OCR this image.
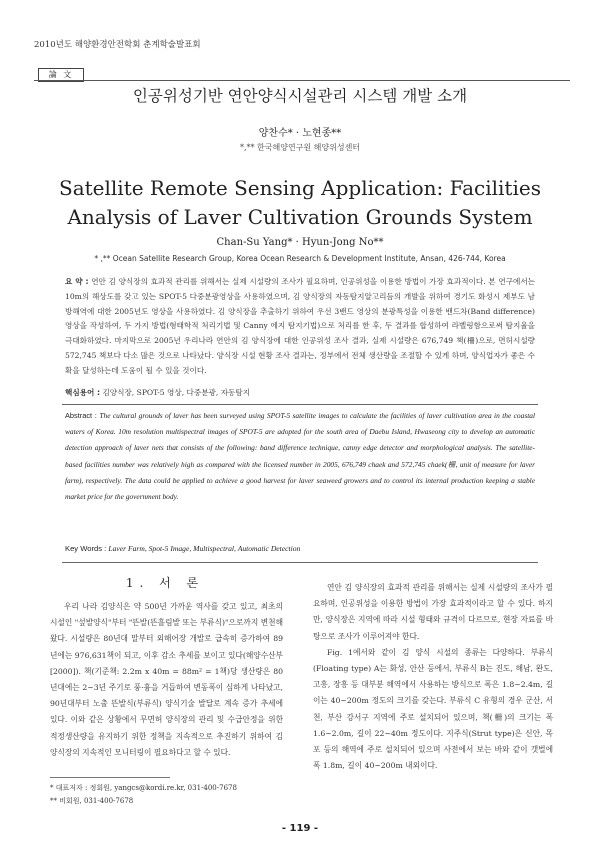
2010년도 해양환경안전학회 춘계학술발표회
論 文
인공위성기반 연안양식시설관리 시스템 개발 소개
양찬수* · 노현종**
*,** 한국해양연구원 해양위성센터
Satellite Remote Sensing Application: Facilities Analysis of Laver Cultivation Grounds System
Chan-Su Yang* · Hyun-Jong No**
* ,** Ocean Satellite Research Group, Korea Ocean Research & Development Institute, Ansan, 426-744, Korea
요 약 : 연안 김 양식장의 효과적 관리를 위해서는 실제 시설량의 조사가 필요하며, 인공위성을 이용한 방법이 가장 효과적이다. 본 연구에서는 10m의 해상도를 갖고 있는 SPOT-5 다중분광영상을 사용하였으며, 김 양식장의 자동탐지알고리듬의 개발을 위하여 경기도 화성시 제부도 남방해역에 대한 2005년도 영상을 사용하였다. 김 양식장을 추출하기 위하여 우선 3밴드 영상의 분광특성을 이용한 밴드차(Band difference) 영상을 작성하여, 두 가지 방법(형태학적 처리기법 및 Canny 에지 탐지기법)으로 처리를 한 후, 두 결과를 합성하여 라벨링함으로써 탐지율을 극대화하였다. 마지막으로 2005년 우리나라 연안의 김 양식장에 대한 인공위성 조사 결과, 실제 시설량은 676,749 책(柵)으로, 면허시설량 572,745 책보다 다소 많은 것으로 나타났다. 양식장 시설 현황 조사 결과는, 정부에서 전체 생산량을 조절할 수 있게 하며, 양식업자가 좋은 수확을 달성하는데 도움이 될 수 있을 것이다.
핵심용어 : 김양식장, SPOT-5 영상, 다중분광, 자동탐지
Abstract : The cultural grounds of laver has been surveyed using SPOT-5 satellite images to calculate the facilities of laver cultivation area in the coastal waters of Korea. 10m resolution multispectral images of SPOT-5 are adopted for the south area of Daebu Island, Hwaseong city to develop an automatic detection approach of laver nets that consists of the following: band difference technique, canny edge detector and morphological analysis. The satellite-based facilities number was relatively high as compared with the licensed number in 2005, 676,749 chaek and 572,745 chaek(柵, unit of measure for laver farm), respectively. The data could be applied to achieve a good harvest for laver seaweed growers and to control its internal production keeping a stable market price for the government body.
Key Words : Laver Farm, Spot-5 Image, Multispectral, Automatic Detection
1. 서 론
우리 나라 김양식은 약 500년 가까운 역사를 갖고 있고, 최초의 시설인 "섶발양식"부터 "뜬발(뜬흘림발 또는 부류식)"으로까지 변천해 왔다. 시설량은 80년대 말부터 외해어장 개발로 급속히 증가하여 89년에는 976,631책이 되고, 이후 감소 추세를 보이고 있다(해양수산부[2000]). 책(기준책: 2.2m x 40m = 88m² = 1책)당 생산량은 80년대에는 2~3년 주기로 풍·흉을 거듭하여 변동폭이 심하게 나타났고, 90년대부터 노출 뜬발식(부류식) 양식기술 발달로 계속 증가 추세에 있다. 이와 같은 상황에서 무면허 양식장의 관리 및 수급안정을 위한 적정생산량을 유지하기 위한 정책을 지속적으로 추진하기 위하여 김 양식장의 지속적인 모니터링이 필요하다고 할 수 있다.

연안 김 양식장의 효과적 관리를 위해서는 실제 시설량의 조사가 필요하며, 인공위성을 이용한 방법이 가장 효과적이라고 할 수 있다. 하지만, 양식장은 지역에 따라 시설 형태와 규격이 다르므로, 현장 자료를 바탕으로 조사가 이루어져야 한다.

Fig. 1에서와 같이 김 양식 시설의 종류는 다양하다. 부류식(Floating type) A는 화성, 안산 등에서, 부류식 B는 진도, 해남, 완도, 고흥, 장흥 등 대부분 해역에서 사용하는 방식으로 폭은 1.8~2.4m, 길이는 40~200m 정도의 크기를 갖는다. 부류식 C 유형의 경우 군산, 서천, 부산 강서구 지역에 주로 설치되어 있으며, 책(柵)의 크기는 폭 1.6~2.0m, 길이 22~40m 정도이다. 지주식(Strut type)은 신안, 목포 등의 해역에 주로 설치되어 있으며 사전에서 보는 바와 같이 갯벌에 폭 1.8m, 길이 40~200m 내외이다.

* 대표저자 : 정회원, yangcs@kordi.re.kr, 031-400-7678
** 비회원, 031-400-7678
- 119 -
